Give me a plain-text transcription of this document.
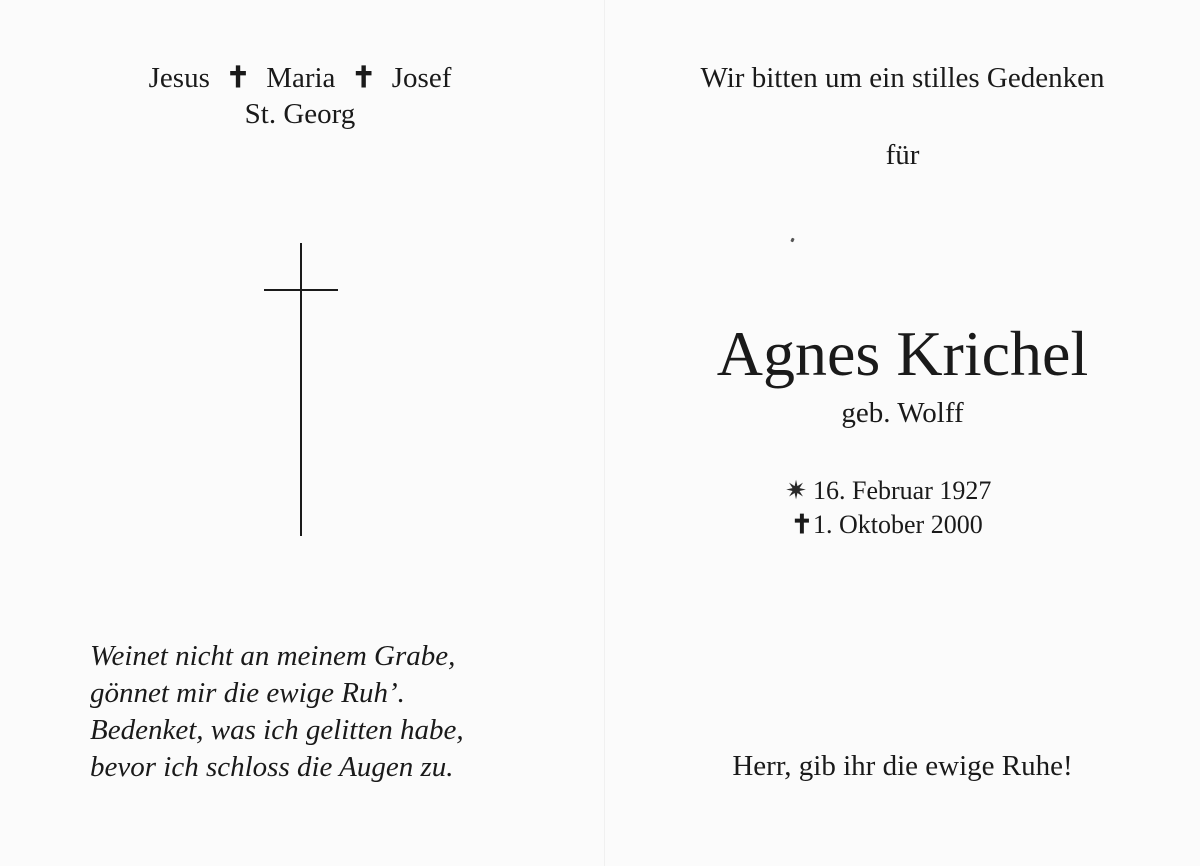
Jesus ✝ Maria ✝ Josef
St. Georg
Weinet nicht an meinem Grabe,
gönnet mir die ewige Ruh’.
Bedenket, was ich gelitten habe,
bevor ich schloss die Augen zu.
Wir bitten um ein stilles Gedenken
für
Agnes Krichel
geb. Wolff
✷ 16. Februar 1927
✝1. Oktober 2000
Herr, gib ihr die ewige Ruhe!
